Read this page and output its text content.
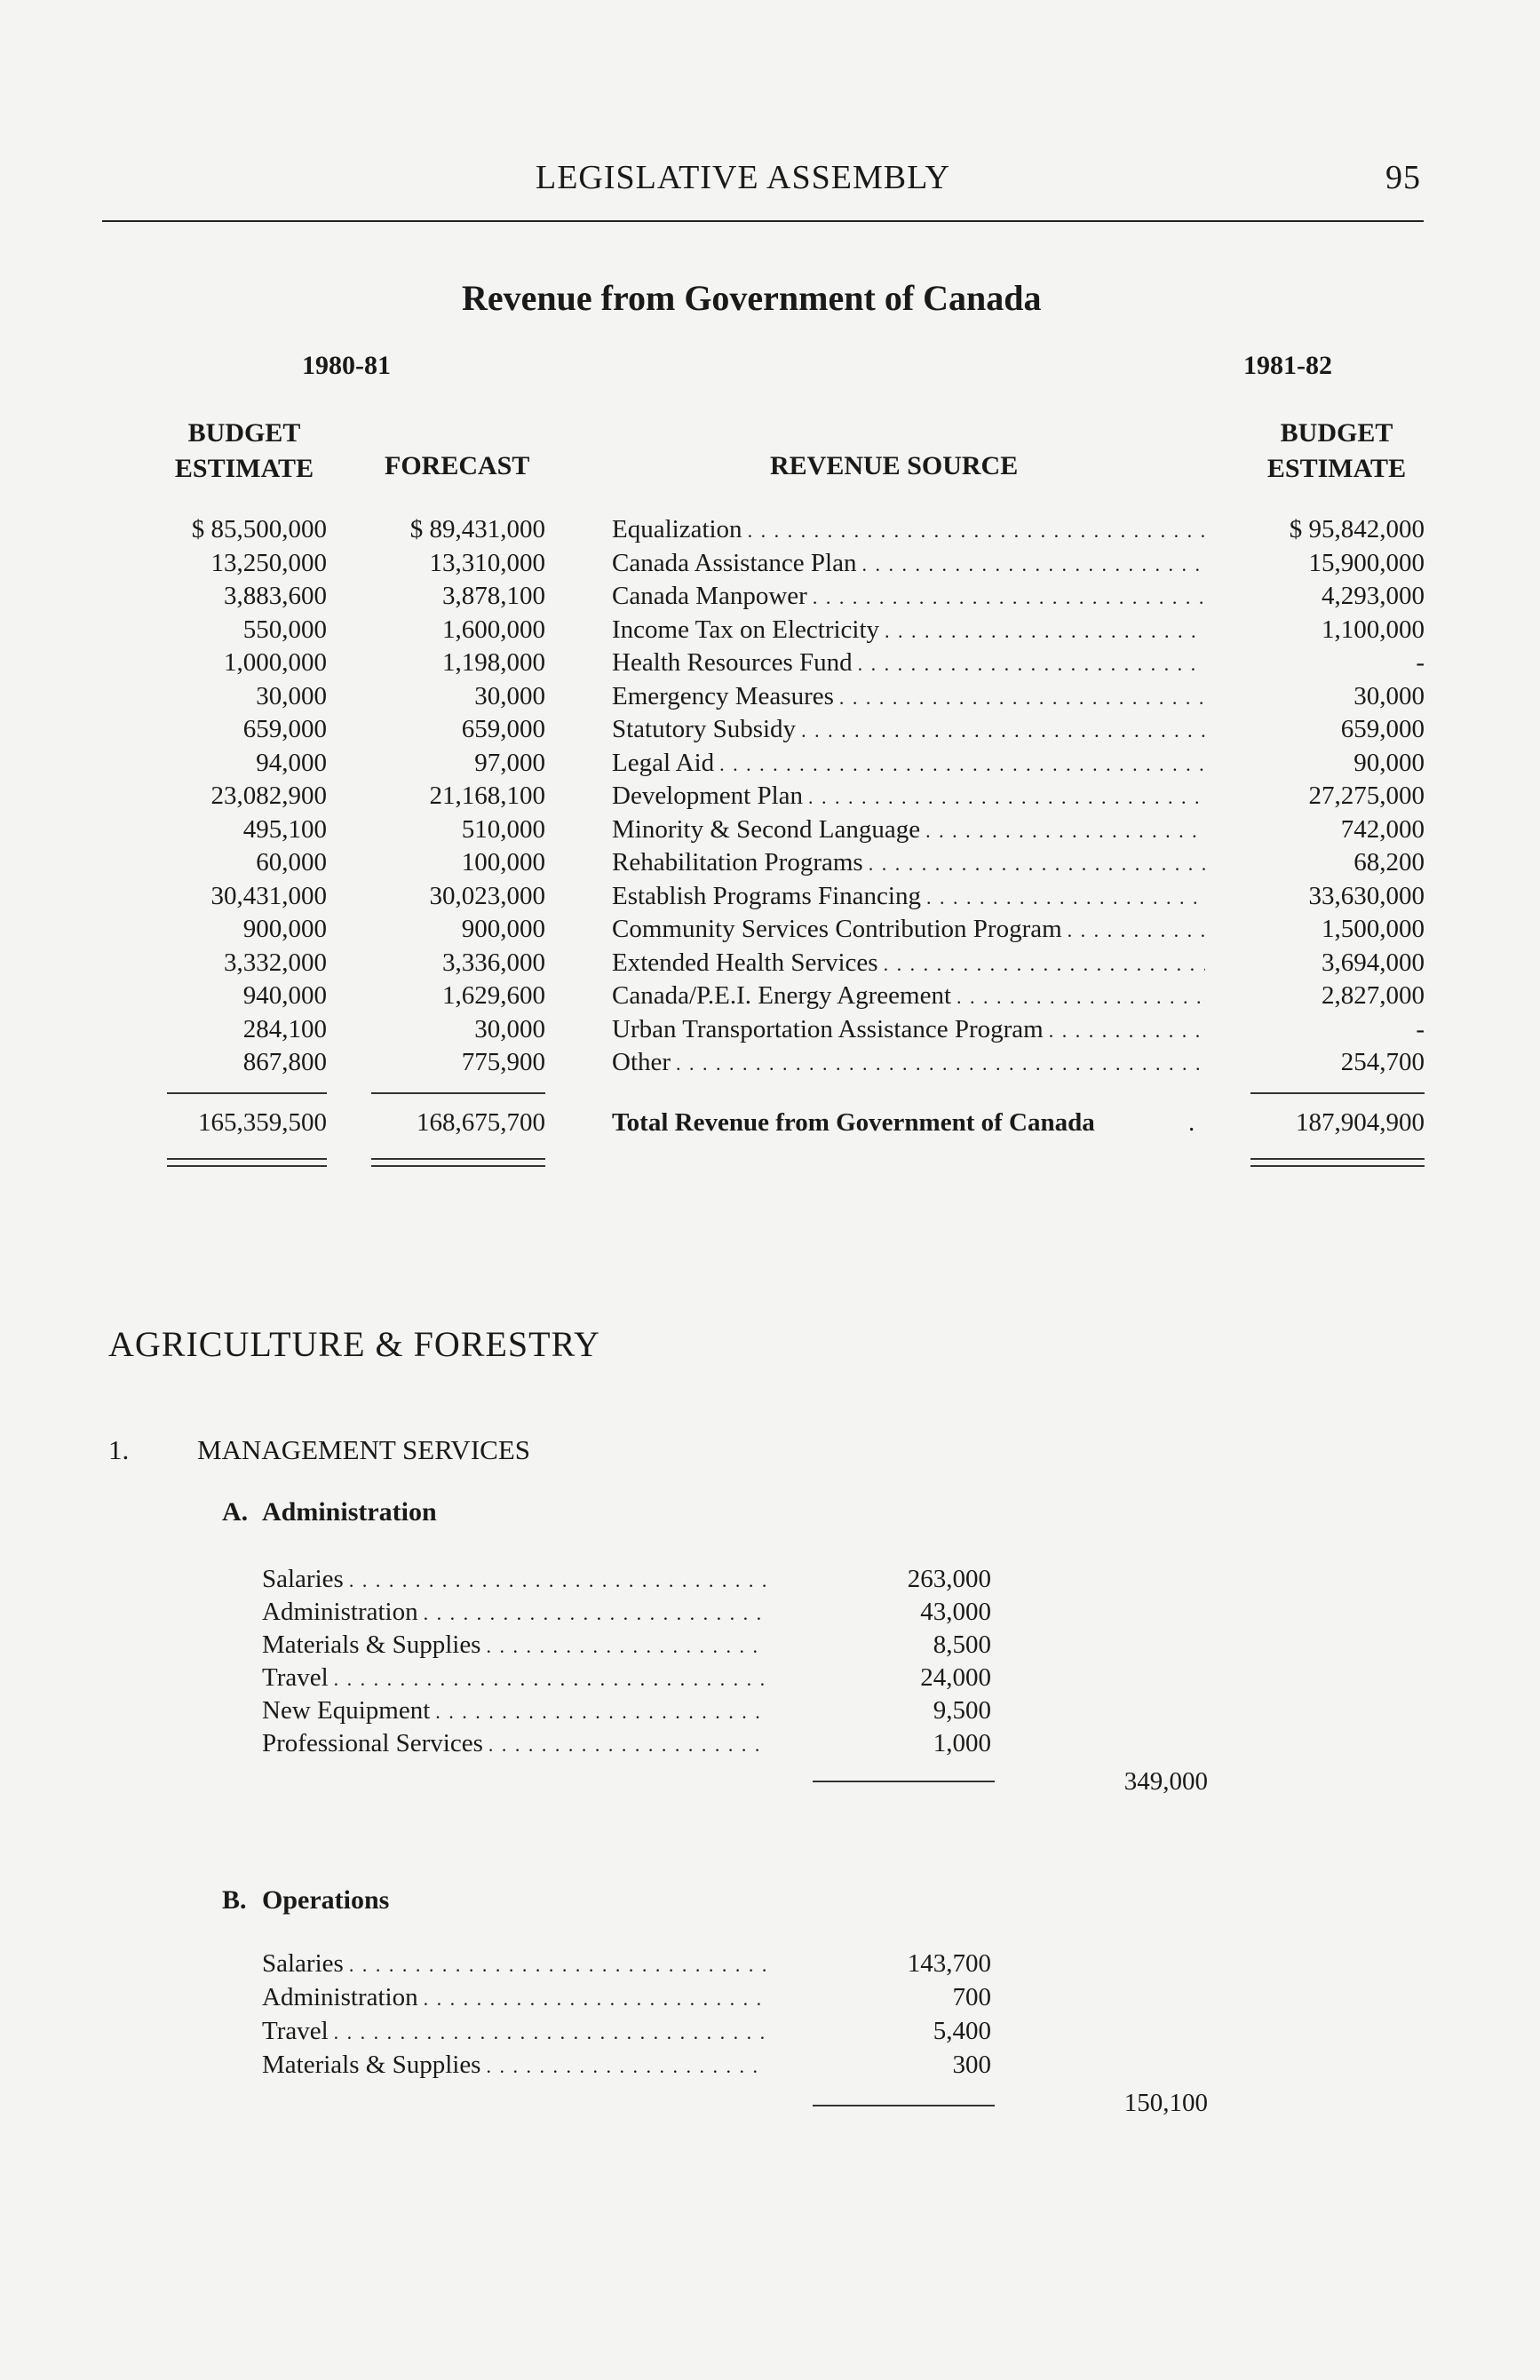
LEGISLATIVE ASSEMBLY	95
Revenue from Government of Canada
1980-81	1981-82
BUDGET
ESTIMATE	FORECAST	REVENUE SOURCE
BUDGET
ESTIMATE
$ 85,500,000	$ 89,431,000	Equalization . . .	$ 95,842,000
13,250,000	13,310,000	Canada Assistance Plan . . .	15,900,000
3,883,600	3,878,100	Canada Manpower . . .	4,293,000
550,000	1,600,000	Income Tax on Electricity . . .	1,100,000
1,000,000	1,198,000	Health Resources Fund . . .	-
30,000	30,000	Emergency Measures . . .	30,000
659,000	659,000	Statutory Subsidy . . .	659,000
94,000	97,000	Legal Aid . . .	90,000
23,082,900	21,168,100	Development Plan . . .	27,275,000
495,100	510,000	Minority & Second Language . . .	742,000
60,000	100,000	Rehabilitation Programs . . .	68,200
30,431,000	30,023,000	Establish Programs Financing . . .	33,630,000
900,000	900,000	Community Services Contribution Program . . .	1,500,000
3,332,000	3,336,000	Extended Health Services . . .	3,694,000
940,000	1,629,600	Canada/P.E.I. Energy Agreement . . .	2,827,000
284,100	30,000	Urban Transportation Assistance Program . . .	-
867,800	775,900	Other . . .	254,700
165,359,500	168,675,700	Total Revenue from Government of Canada	.	187,904,900
AGRICULTURE & FORESTRY
1. MANAGEMENT SERVICES
A. Administration
Salaries . . .	263,000
Administration . . .	43,000
Materials & Supplies . . .	8,500
Travel . . .	24,000
New Equipment . . .	9,500
Professional Services . . .	1,000
349,000
B. Operations
Salaries . . .	143,700
Administration . . .	700
Travel . . .	5,400
Materials & Supplies . . .	300
150,100
